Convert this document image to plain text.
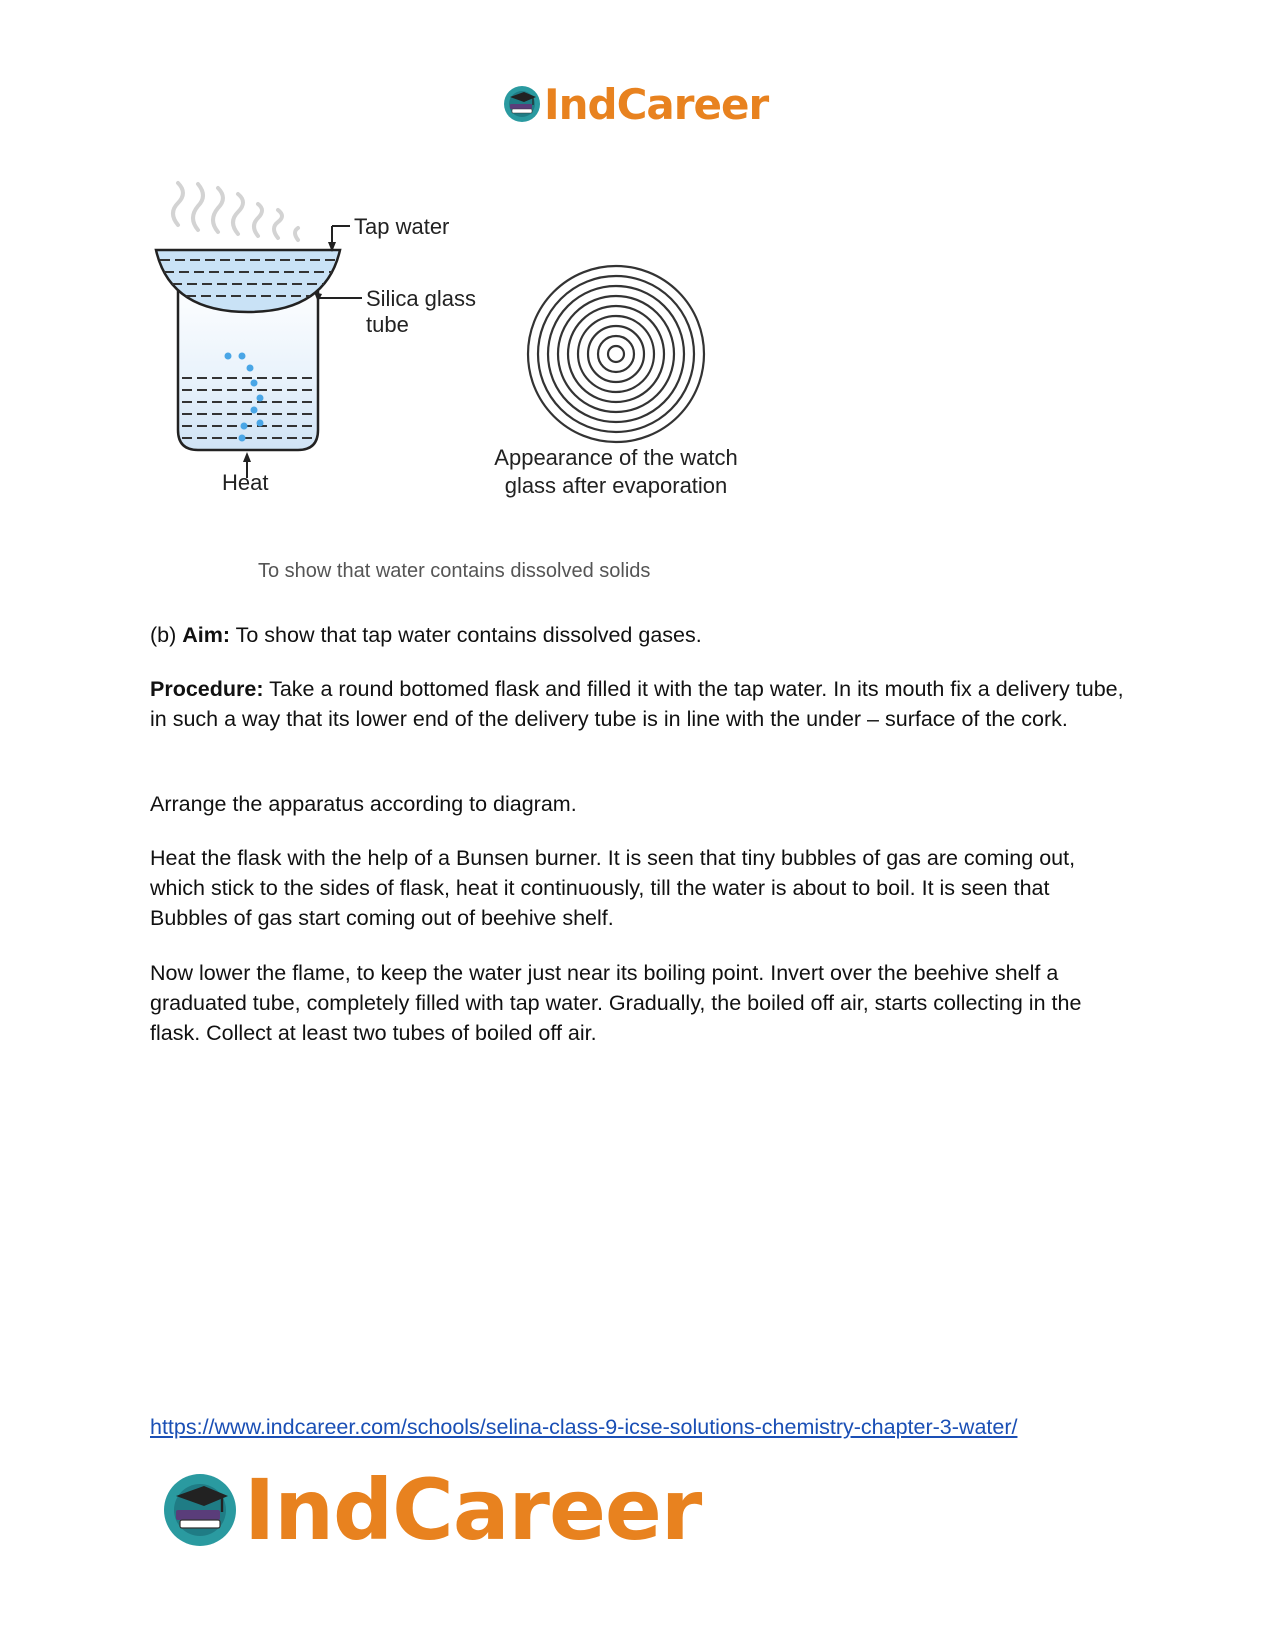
IndCareer
Tap water
Silica glass
tube
Heat
Appearance of the watch
glass after evaporation
To show that water contains dissolved solids
(b) Aim: To show that tap water contains dissolved gases.
Procedure: Take a round bottomed flask and filled it with the tap water. In its mouth fix a delivery tube, in such a way that its lower end of the delivery tube is in line with the under – surface of the cork.
Arrange the apparatus according to diagram.
Heat the flask with the help of a Bunsen burner. It is seen that tiny bubbles of gas are coming out, which stick to the sides of flask, heat it continuously, till the water is about to boil. It is seen that Bubbles of gas start coming out of beehive shelf.
Now lower the flame, to keep the water just near its boiling point. Invert over the beehive shelf a graduated tube, completely filled with tap water. Gradually, the boiled off air, starts collecting in the flask. Collect at least two tubes of boiled off air.
https://www.indcareer.com/schools/selina-class-9-icse-solutions-chemistry-chapter-3-water/
IndCareer
